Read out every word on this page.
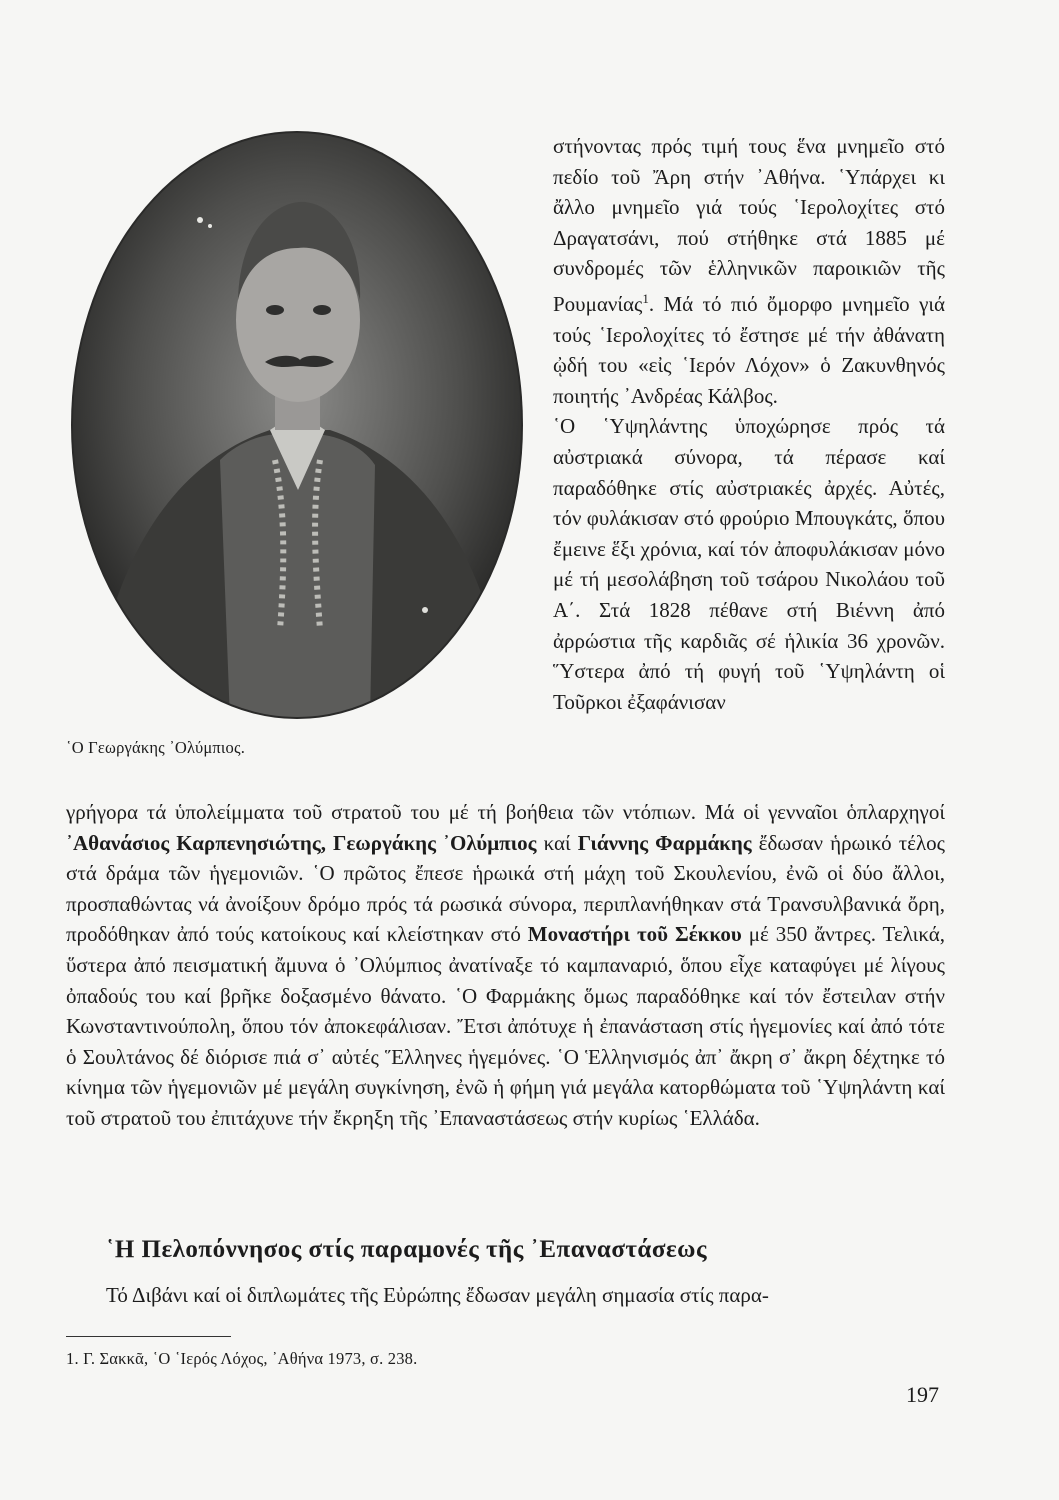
῾Ο Γεωργάκης ᾿Ολύμπιος.

στήνοντας πρός τιμή τους ἕνα μνημεῖο στό πεδίο τοῦ Ἄρη στήν ᾿Αθήνα. ῾Υπάρχει κι ἄλλο μνημεῖο γιά τούς ῾Ιερολοχίτες στό Δραγατσάνι, πού στήθηκε στά 1885 μέ συνδρομές τῶν ἑλληνικῶν παροικιῶν τῆς Ρουμανίας$^1$. Μά τό πιό ὄμορφο μνημεῖο γιά τούς ῾Ιερολοχίτες τό ἔστησε μέ τήν ἀθάνατη ᾠδή του «εἰς ῾Ιερόν Λόχον» ὁ Ζακυνθηνός ποιητής ᾿Ανδρέας Κάλβος.

῾Ο ῾Υψηλάντης ὑποχώρησε πρός τά αὐστριακά σύνορα, τά πέρασε καί παραδόθηκε στίς αὐστριακές ἀρχές. Αὐτές, τόν φυλάκισαν στό φρούριο Μπουγκάτς, ὅπου ἔμεινε ἕξι χρόνια, καί τόν ἀποφυλάκισαν μόνο μέ τή μεσολάβηση τοῦ τσάρου Νικολάου τοῦ Α΄. Στά 1828 πέθανε στή Βιέννη ἀπό ἀρρώστια τῆς καρδιᾶς σέ ἡλικία 36 χρονῶν. Ὕστερα ἀπό τή φυγή τοῦ ῾Υψηλάντη οἱ Τοῦρκοι ἐξαφάνισαν

γρήγορα τά ὑπολείμματα τοῦ στρατοῦ του μέ τή βοήθεια τῶν ντόπιων. Μά οἱ γενναῖοι ὁπλαρχηγοί ᾿Αθανάσιος Καρπενησιώτης, Γεωργάκης ᾿Ολύμπιος καί Γιάννης Φαρμάκης ἔδωσαν ἡρωικό τέλος στά δράμα τῶν ἡγεμονιῶν. ῾Ο πρῶτος ἔπεσε ἡρωικά στή μάχη τοῦ Σκουλενίου, ἐνῶ οἱ δύο ἄλλοι, προσπαθώντας νά ἀνοίξουν δρόμο πρός τά ρωσικά σύνορα, περιπλανήθηκαν στά Τρανσυλβανικά ὄρη, προδόθηκαν ἀπό τούς κατοίκους καί κλείστηκαν στό Μοναστήρι τοῦ Σέκκου μέ 350 ἄντρες. Τελικά, ὕστερα ἀπό πεισματική ἄμυνα ὁ ᾿Ολύμπιος ἀνατίναξε τό καμπαναριό, ὅπου εἶχε καταφύγει μέ λίγους ὀπαδούς του καί βρῆκε δοξασμένο θάνατο. ῾Ο Φαρμάκης ὅμως παραδόθηκε καί τόν ἔστειλαν στήν Κωνσταντινούπολη, ὅπου τόν ἀποκεφάλισαν. Ἔτσι ἀπότυχε ἡ ἐπανάσταση στίς ἡγεμονίες καί ἀπό τότε ὁ Σουλτάνος δέ διόρισε πιά σ᾿ αὐτές Ἕλληνες ἡγεμόνες. ῾Ο Ἑλληνισμός ἀπ᾿ ἄκρη σ᾿ ἄκρη δέχτηκε τό κίνημα τῶν ἡγεμονιῶν μέ μεγάλη συγκίνηση, ἐνῶ ἡ φήμη γιά μεγάλα κατορθώματα τοῦ ῾Υψηλάντη καί τοῦ στρατοῦ του ἐπιτάχυνε τήν ἔκρηξη τῆς ᾿Επαναστάσεως στήν κυρίως ῾Ελλάδα.

῾Η Πελοπόννησος στίς παραμονές τῆς ᾿Επαναστάσεως

Τό Διβάνι καί οἱ διπλωμάτες τῆς Εὐρώπης ἔδωσαν μεγάλη σημασία στίς παρα-

1. Γ. Σακκᾶ, ῾Ο ῾Ιερός Λόχος, ᾿Αθήνα 1973, σ. 238.
197
